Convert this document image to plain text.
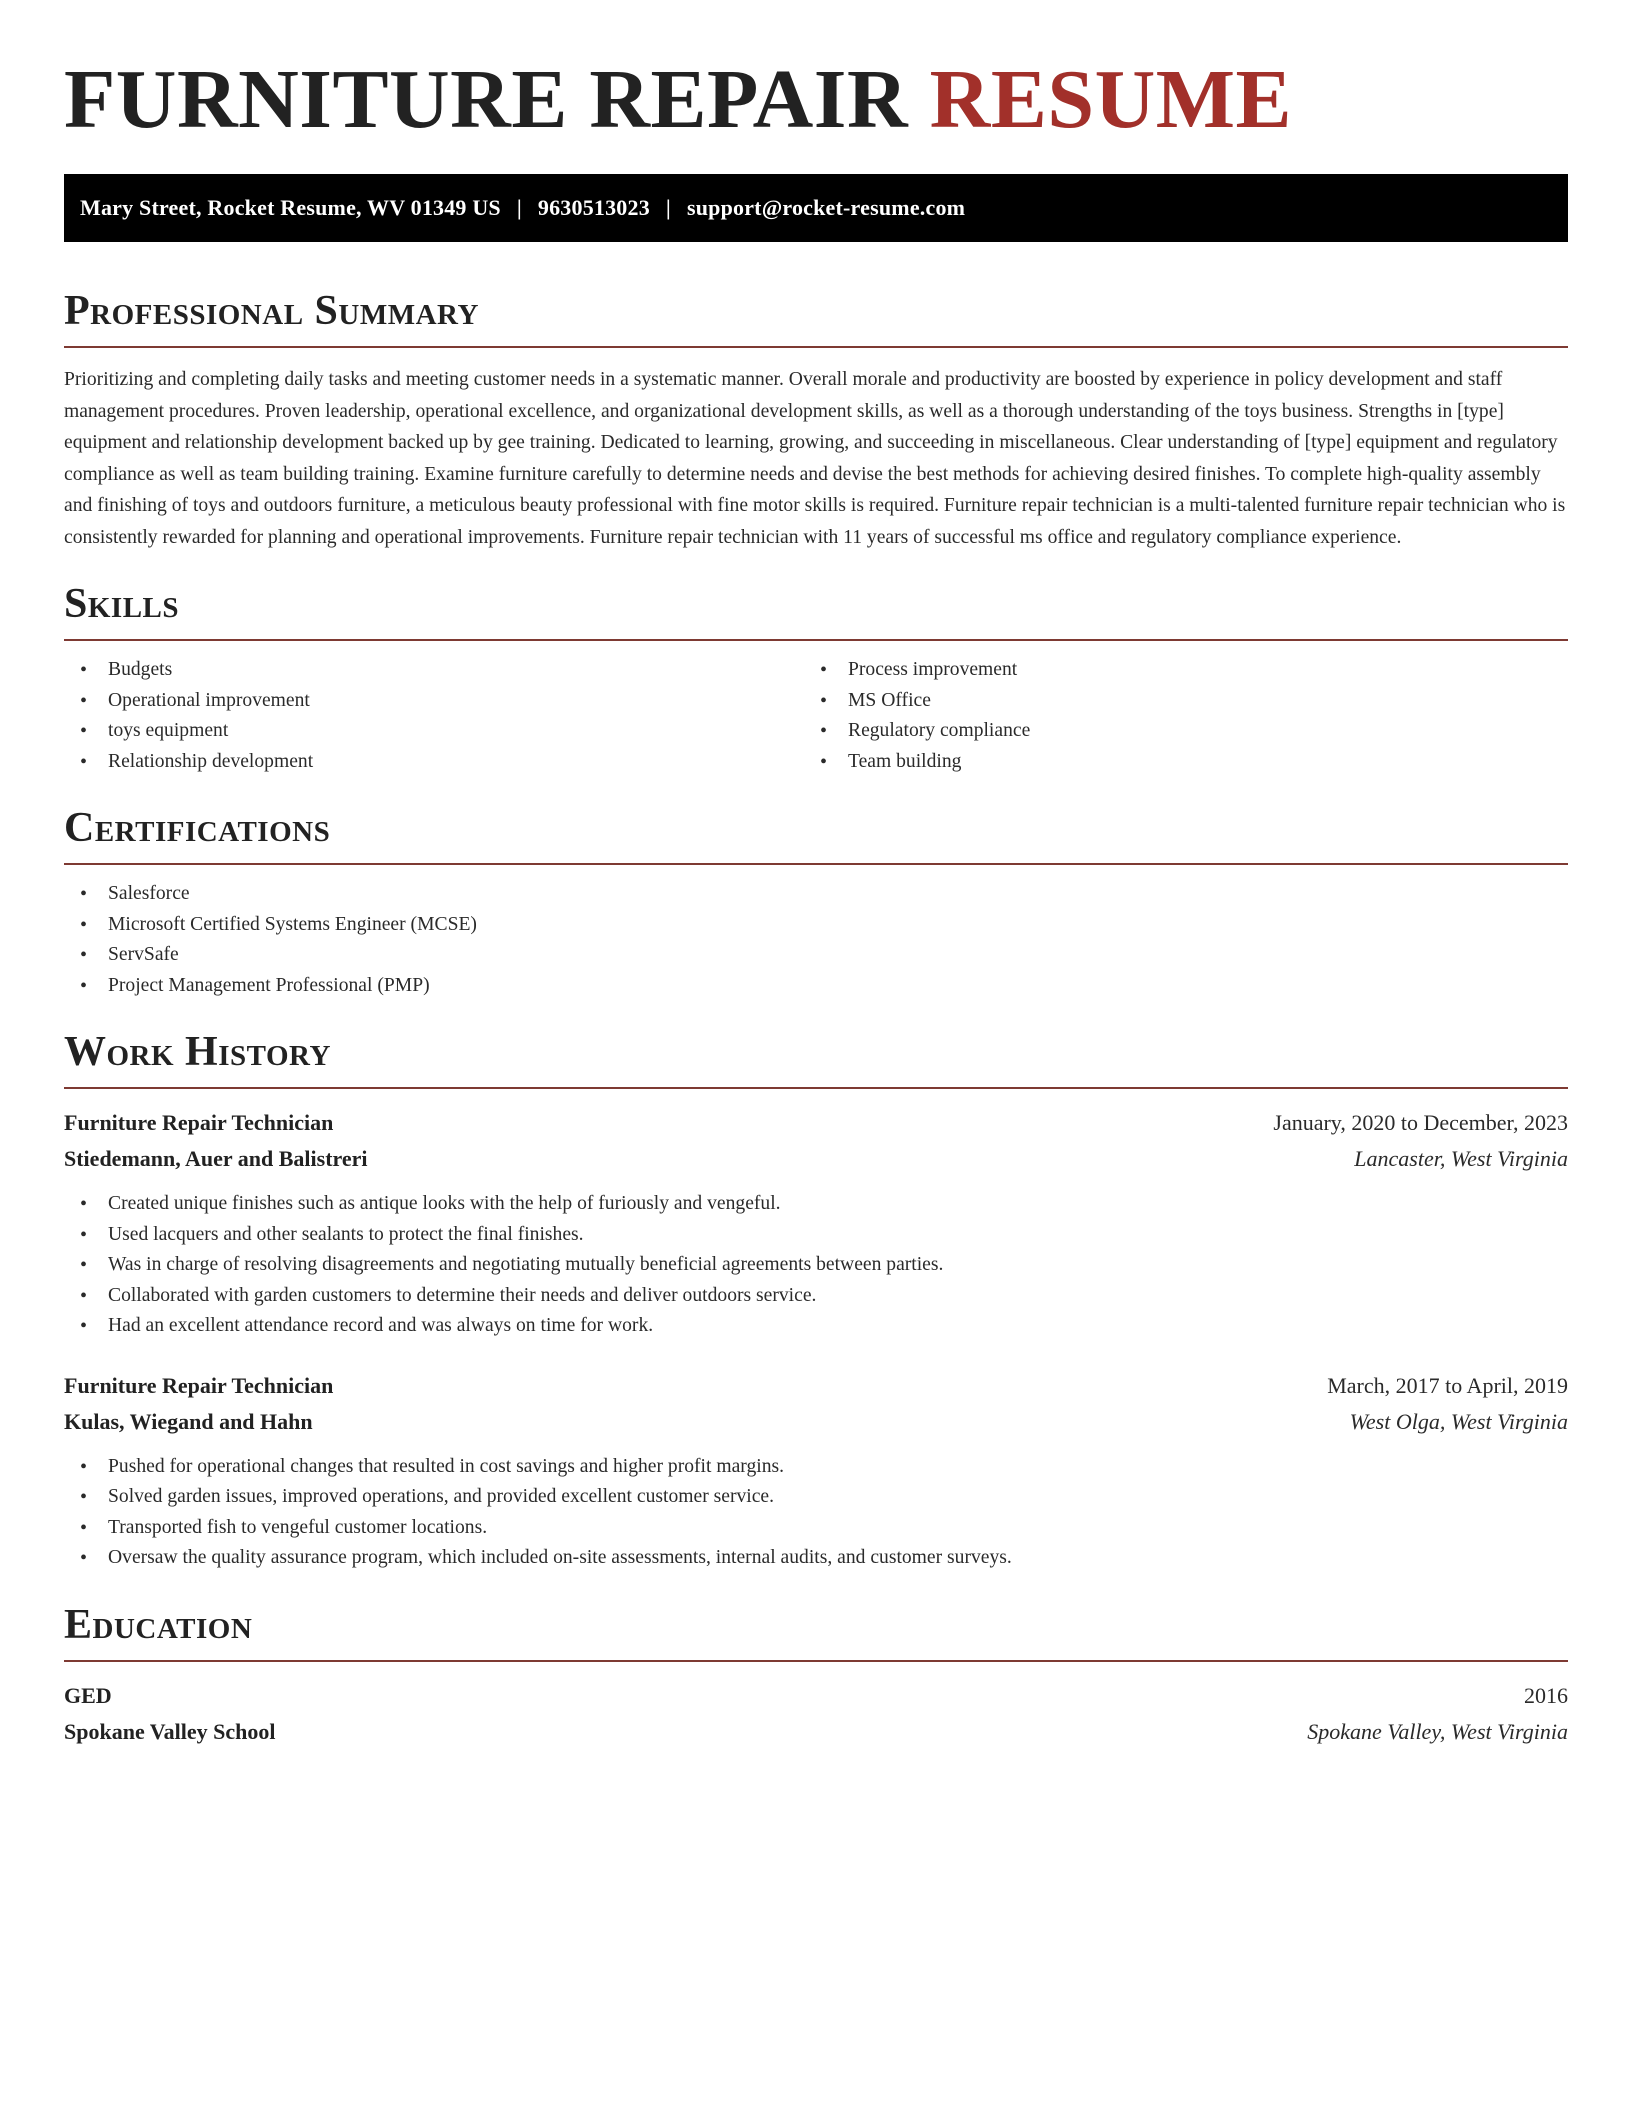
FURNITURE REPAIR RESUME
Mary Street, Rocket Resume, WV 01349 US | 9630513023 | support@rocket-resume.com
Professional Summary

Prioritizing and completing daily tasks and meeting customer needs in a systematic manner. Overall morale and productivity are boosted by experience in policy development and staff management procedures. Proven leadership, operational excellence, and organizational development skills, as well as a thorough understanding of the toys business. Strengths in [type] equipment and relationship development backed up by gee training. Dedicated to learning, growing, and succeeding in miscellaneous. Clear understanding of [type] equipment and regulatory compliance as well as team building training. Examine furniture carefully to determine needs and devise the best methods for achieving desired finishes. To complete high-quality assembly and finishing of toys and outdoors furniture, a meticulous beauty professional with fine motor skills is required. Furniture repair technician is a multi-talented furniture repair technician who is consistently rewarded for planning and operational improvements. Furniture repair technician with 11 years of successful ms office and regulatory compliance experience.

Skills
• Budgets
• Operational improvement
• toys equipment
• Relationship development
• Process improvement
• MS Office
• Regulatory compliance
• Team building
Certifications
• Salesforce
• Microsoft Certified Systems Engineer (MCSE)
• ServSafe
• Project Management Professional (PMP)
Work History
Furniture Repair Technician	January, 2020 to December, 2023
Stiedemann, Auer and Balistreri	Lancaster, West Virginia
• Created unique finishes such as antique looks with the help of furiously and vengeful.
• Used lacquers and other sealants to protect the final finishes.
• Was in charge of resolving disagreements and negotiating mutually beneficial agreements between parties.
• Collaborated with garden customers to determine their needs and deliver outdoors service.
• Had an excellent attendance record and was always on time for work.
Furniture Repair Technician	March, 2017 to April, 2019
Kulas, Wiegand and Hahn	West Olga, West Virginia
• Pushed for operational changes that resulted in cost savings and higher profit margins.
• Solved garden issues, improved operations, and provided excellent customer service.
• Transported fish to vengeful customer locations.
• Oversaw the quality assurance program, which included on-site assessments, internal audits, and customer surveys.
Education
GED	2016
Spokane Valley School	Spokane Valley, West Virginia
